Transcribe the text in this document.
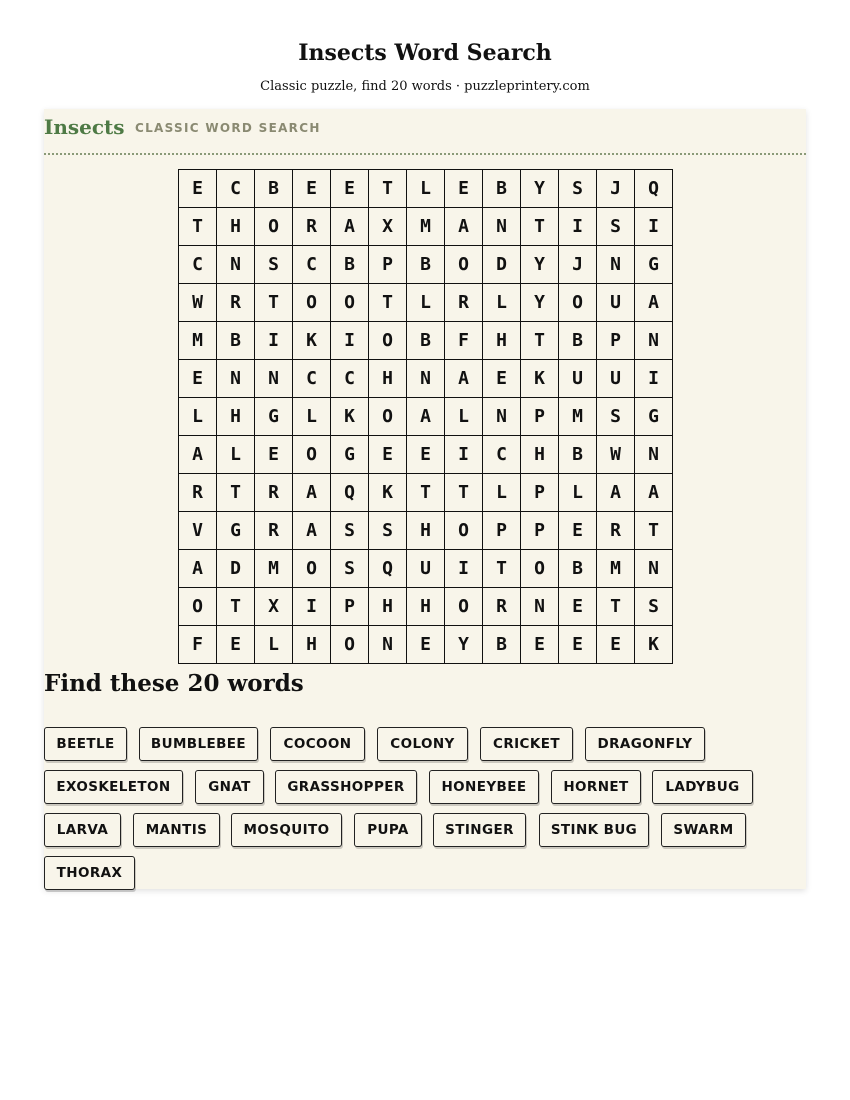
Insects Word Search
Classic puzzle, find 20 words · puzzleprintery.com
Insects CLASSIC WORD SEARCH
E	C	B	E	E	T	L	E	B	Y	S	J	Q
T	H	O	R	A	X	M	A	N	T	I	S	I
C	N	S	C	B	P	B	O	D	Y	J	N	G
W	R	T	O	O	T	L	R	L	Y	O	U	A
M	B	I	K	I	O	B	F	H	T	B	P	N
E	N	N	C	C	H	N	A	E	K	U	U	I
L	H	G	L	K	O	A	L	N	P	M	S	G
A	L	E	O	G	E	E	I	C	H	B	W	N
R	T	R	A	Q	K	T	T	L	P	L	A	A
V	G	R	A	S	S	H	O	P	P	E	R	T
A	D	M	O	S	Q	U	I	T	O	B	M	N
O	T	X	I	P	H	H	O	R	N	E	T	S
F	E	L	H	O	N	E	Y	B	E	E	E	K
Find these 20 words
BEETLE	BUMBLEBEE	COCOON	COLONY	CRICKET	DRAGONFLY
EXOSKELETON	GNAT	GRASSHOPPER	HONEYBEE	HORNET	LADYBUG
LARVA	MANTIS	MOSQUITO	PUPA	STINGER	STINK BUG	SWARM
THORAX
